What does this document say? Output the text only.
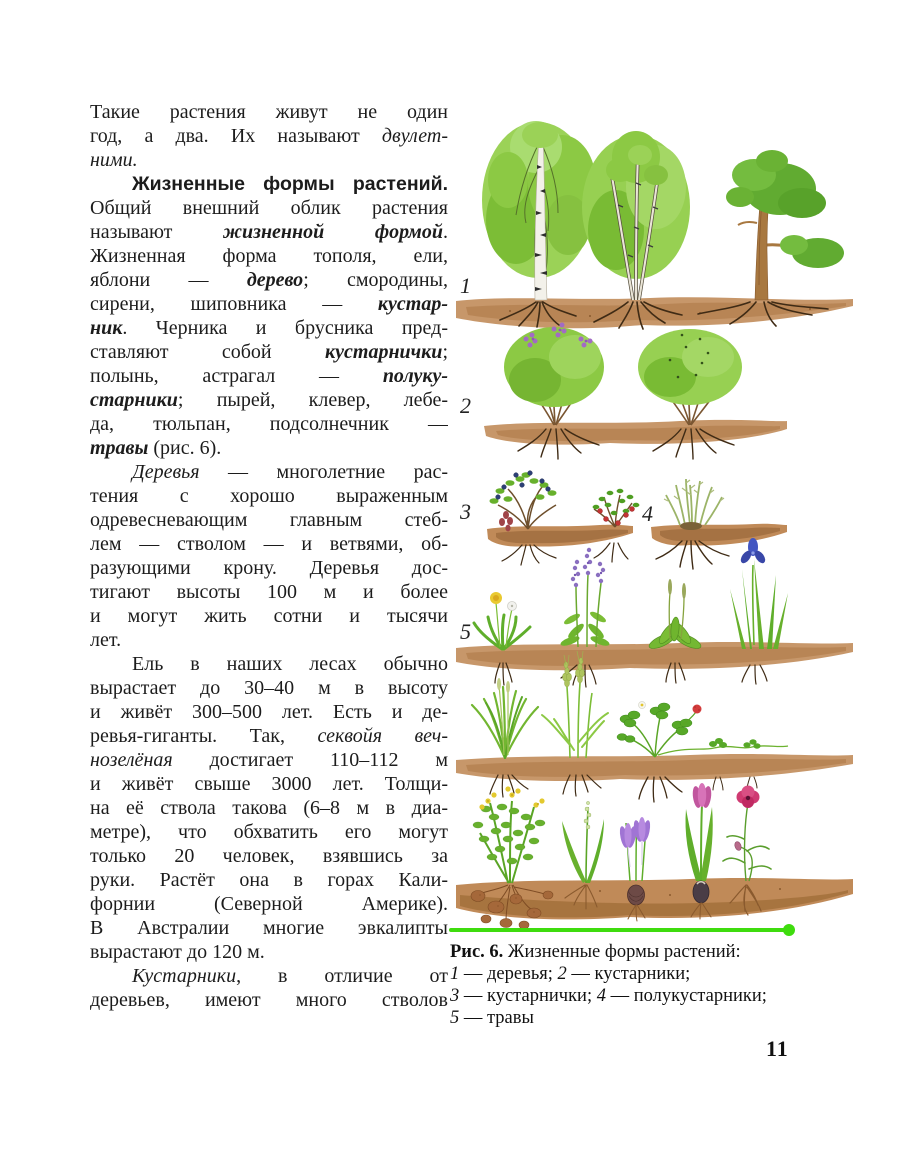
Такие растения живут не один
год, а два. Их называют двулет-
ними.
Жизненные формы растений.
Общий внешний облик растения
называют жизненной формой.
Жизненная форма тополя, ели,
яблони — дерево; смородины,
сирени, шиповника — кустар-
ник. Черника и брусника пред-
ставляют собой кустарнички;
полынь, астрагал — полуку-
старники; пырей, клевер, лебе-
да, тюльпан, подсолнечник —
травы (рис. 6).
Деревья — многолетние рас-
тения с хорошо выраженным
одревесневающим главным стеб-
лем — стволом — и ветвями, об-
разующими крону. Деревья дос-
тигают высоты 100 м и более
и могут жить сотни и тысячи
лет.
Ель в наших лесах обычно
вырастает до 30–40 м в высоту
и живёт 300–500 лет. Есть и де-
ревья-гиганты. Так, секвойя веч-
нозелёная достигает 110–112 м
и живёт свыше 3000 лет. Толщи-
на её ствола такова (6–8 м в диа-
метре), что обхватить его могут
только 20 человек, взявшись за
руки. Растёт она в горах Кали-
форнии (Северной Америке).
В Австралии многие эвкалипты
вырастают до 120 м.
Кустарники, в отличие от
деревьев, имеют много стволов
1
2
3	4
5
Рис. 6. Жизненные формы растений:
1 — деревья; 2 — кустарники;
3 — кустарнички; 4 — полукустарники;
5 — травы
11
